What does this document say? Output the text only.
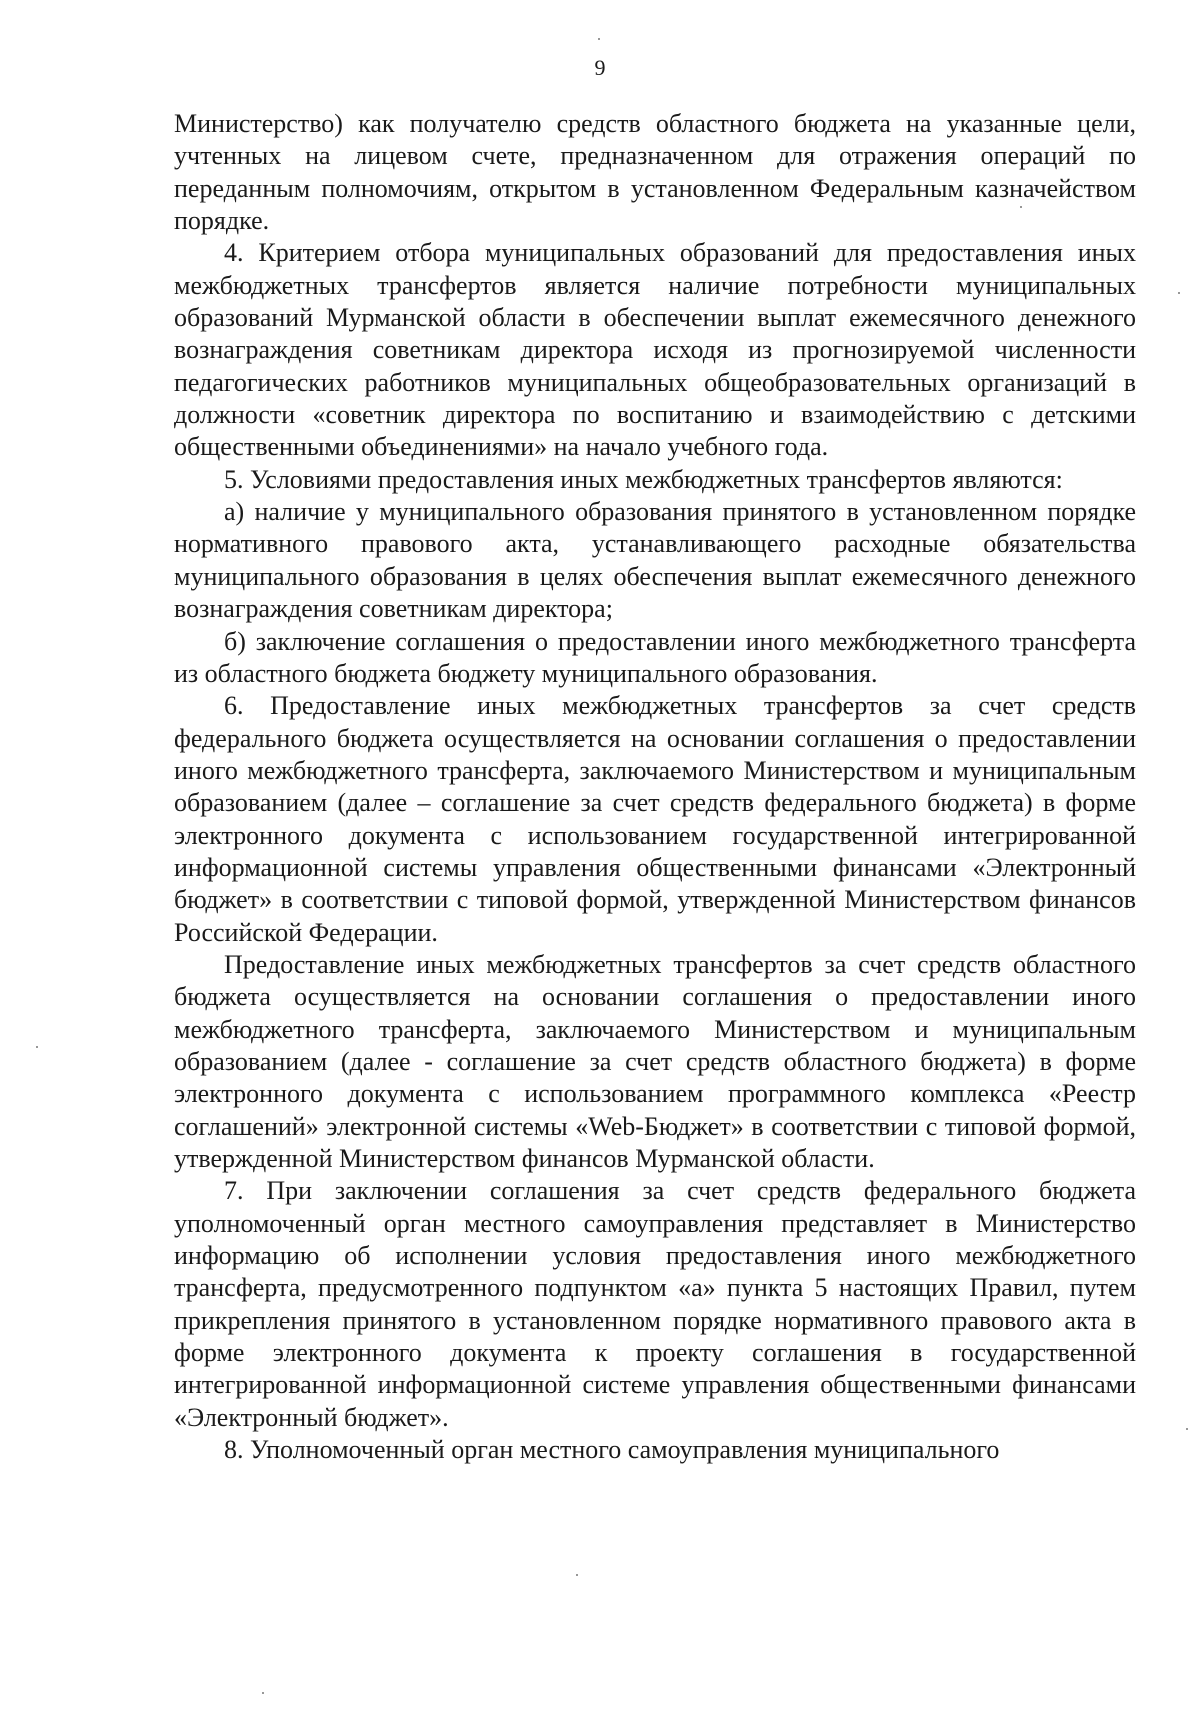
9

Министерство) как получателю средств областного бюджета на указанные цели, учтенных на лицевом счете, предназначенном для отражения операций по переданным полномочиям, открытом в установленном Федеральным казначейством порядке.

4. Критерием отбора муниципальных образований для предоставления иных межбюджетных трансфертов является наличие потребности муниципальных образований Мурманской области в обеспечении выплат ежемесячного денежного вознаграждения советникам директора исходя из прогнозируемой численности педагогических работников муниципальных общеобразовательных организаций в должности «советник директора по воспитанию и взаимодействию с детскими общественными объединениями» на начало учебного года.

5. Условиями предоставления иных межбюджетных трансфертов являются:

а) наличие у муниципального образования принятого в установленном порядке нормативного правового акта, устанавливающего расходные обязательства муниципального образования в целях обеспечения выплат ежемесячного денежного вознаграждения советникам директора;

б) заключение соглашения о предоставлении иного межбюджетного трансферта из областного бюджета бюджету муниципального образования.

6. Предоставление иных межбюджетных трансфертов за счет средств федерального бюджета осуществляется на основании соглашения о предоставлении иного межбюджетного трансферта, заключаемого Министерством и муниципальным образованием (далее – соглашение за счет средств федерального бюджета) в форме электронного документа с использованием государственной интегрированной информационной системы управления общественными финансами «Электронный бюджет» в соответствии с типовой формой, утвержденной Министерством финансов Российской Федерации.

Предоставление иных межбюджетных трансфертов за счет средств областного бюджета осуществляется на основании соглашения о предоставлении иного межбюджетного трансферта, заключаемого Министерством и муниципальным образованием (далее - соглашение за счет средств областного бюджета) в форме электронного документа с использованием программного комплекса «Реестр соглашений» электронной системы «Web-Бюджет» в соответствии с типовой формой, утвержденной Министерством финансов Мурманской области.

7. При заключении соглашения за счет средств федерального бюджета уполномоченный орган местного самоуправления представляет в Министерство информацию об исполнении условия предоставления иного межбюджетного трансферта, предусмотренного подпунктом «а» пункта 5 настоящих Правил, путем прикрепления принятого в установленном порядке нормативного правового акта в форме электронного документа к проекту соглашения в государственной интегрированной информационной системе управления общественными финансами «Электронный бюджет».

8. Уполномоченный орган местного самоуправления муниципального
